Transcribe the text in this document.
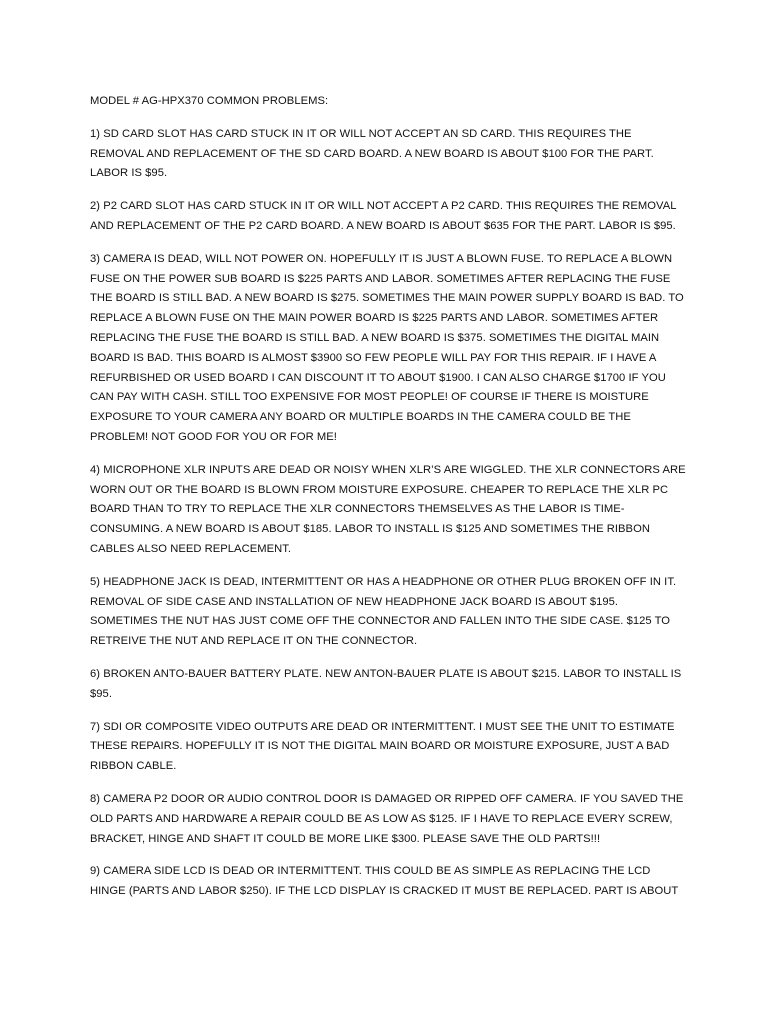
MODEL # AG-HPX370 COMMON PROBLEMS:

1) SD CARD SLOT HAS CARD STUCK IN IT OR WILL NOT ACCEPT AN SD CARD. THIS REQUIRES THE REMOVAL AND REPLACEMENT OF THE SD CARD BOARD. A NEW BOARD IS ABOUT $100 FOR THE PART. LABOR IS $95.

2) P2 CARD SLOT HAS CARD STUCK IN IT OR WILL NOT ACCEPT A P2 CARD. THIS REQUIRES THE REMOVAL AND REPLACEMENT OF THE P2 CARD BOARD. A NEW BOARD IS ABOUT $635 FOR THE PART. LABOR IS $95.

3) CAMERA IS DEAD, WILL NOT POWER ON. HOPEFULLY IT IS JUST A BLOWN FUSE. TO REPLACE A BLOWN FUSE ON THE POWER SUB BOARD IS $225 PARTS AND LABOR. SOMETIMES AFTER REPLACING THE FUSE THE BOARD IS STILL BAD. A NEW BOARD IS $275. SOMETIMES THE MAIN POWER SUPPLY BOARD IS BAD. TO REPLACE A BLOWN FUSE ON THE MAIN POWER BOARD IS $225 PARTS AND LABOR. SOMETIMES AFTER REPLACING THE FUSE THE BOARD IS STILL BAD. A NEW BOARD IS $375. SOMETIMES THE DIGITAL MAIN BOARD IS BAD. THIS BOARD IS ALMOST $3900 SO FEW PEOPLE WILL PAY FOR THIS REPAIR. IF I HAVE A REFURBISHED OR USED BOARD I CAN DISCOUNT IT TO ABOUT $1900. I CAN ALSO CHARGE $1700 IF YOU CAN PAY WITH CASH. STILL TOO EXPENSIVE FOR MOST PEOPLE! OF COURSE IF THERE IS MOISTURE EXPOSURE TO YOUR CAMERA ANY BOARD OR MULTIPLE BOARDS IN THE CAMERA COULD BE THE PROBLEM! NOT GOOD FOR YOU OR FOR ME!

4) MICROPHONE XLR INPUTS ARE DEAD OR NOISY WHEN XLR’S ARE WIGGLED. THE XLR CONNECTORS ARE WORN OUT OR THE BOARD IS BLOWN FROM MOISTURE EXPOSURE. CHEAPER TO REPLACE THE XLR PC BOARD THAN TO TRY TO REPLACE THE XLR CONNECTORS THEMSELVES AS THE LABOR IS TIME-CONSUMING. A NEW BOARD IS ABOUT $185. LABOR TO INSTALL IS $125 AND SOMETIMES THE RIBBON CABLES ALSO NEED REPLACEMENT.

5) HEADPHONE JACK IS DEAD, INTERMITTENT OR HAS A HEADPHONE OR OTHER PLUG BROKEN OFF IN IT. REMOVAL OF SIDE CASE AND INSTALLATION OF NEW HEADPHONE JACK BOARD IS ABOUT $195. SOMETIMES THE NUT HAS JUST COME OFF THE CONNECTOR AND FALLEN INTO THE SIDE CASE. $125 TO RETREIVE THE NUT AND REPLACE IT ON THE CONNECTOR.

6) BROKEN ANTO-BAUER BATTERY PLATE. NEW ANTON-BAUER PLATE IS ABOUT $215. LABOR TO INSTALL IS $95.

7) SDI OR COMPOSITE VIDEO OUTPUTS ARE DEAD OR INTERMITTENT. I MUST SEE THE UNIT TO ESTIMATE THESE REPAIRS. HOPEFULLY IT IS NOT THE DIGITAL MAIN BOARD OR MOISTURE EXPOSURE, JUST A BAD RIBBON CABLE.

8) CAMERA P2 DOOR OR AUDIO CONTROL DOOR IS DAMAGED OR RIPPED OFF CAMERA. IF YOU SAVED THE OLD PARTS AND HARDWARE A REPAIR COULD BE AS LOW AS $125. IF I HAVE TO REPLACE EVERY SCREW, BRACKET, HINGE AND SHAFT IT COULD BE MORE LIKE $300. PLEASE SAVE THE OLD PARTS!!!

9) CAMERA SIDE LCD IS DEAD OR INTERMITTENT. THIS COULD BE AS SIMPLE AS REPLACING THE LCD HINGE (PARTS AND LABOR $250). IF THE LCD DISPLAY IS CRACKED IT MUST BE REPLACED. PART IS ABOUT
